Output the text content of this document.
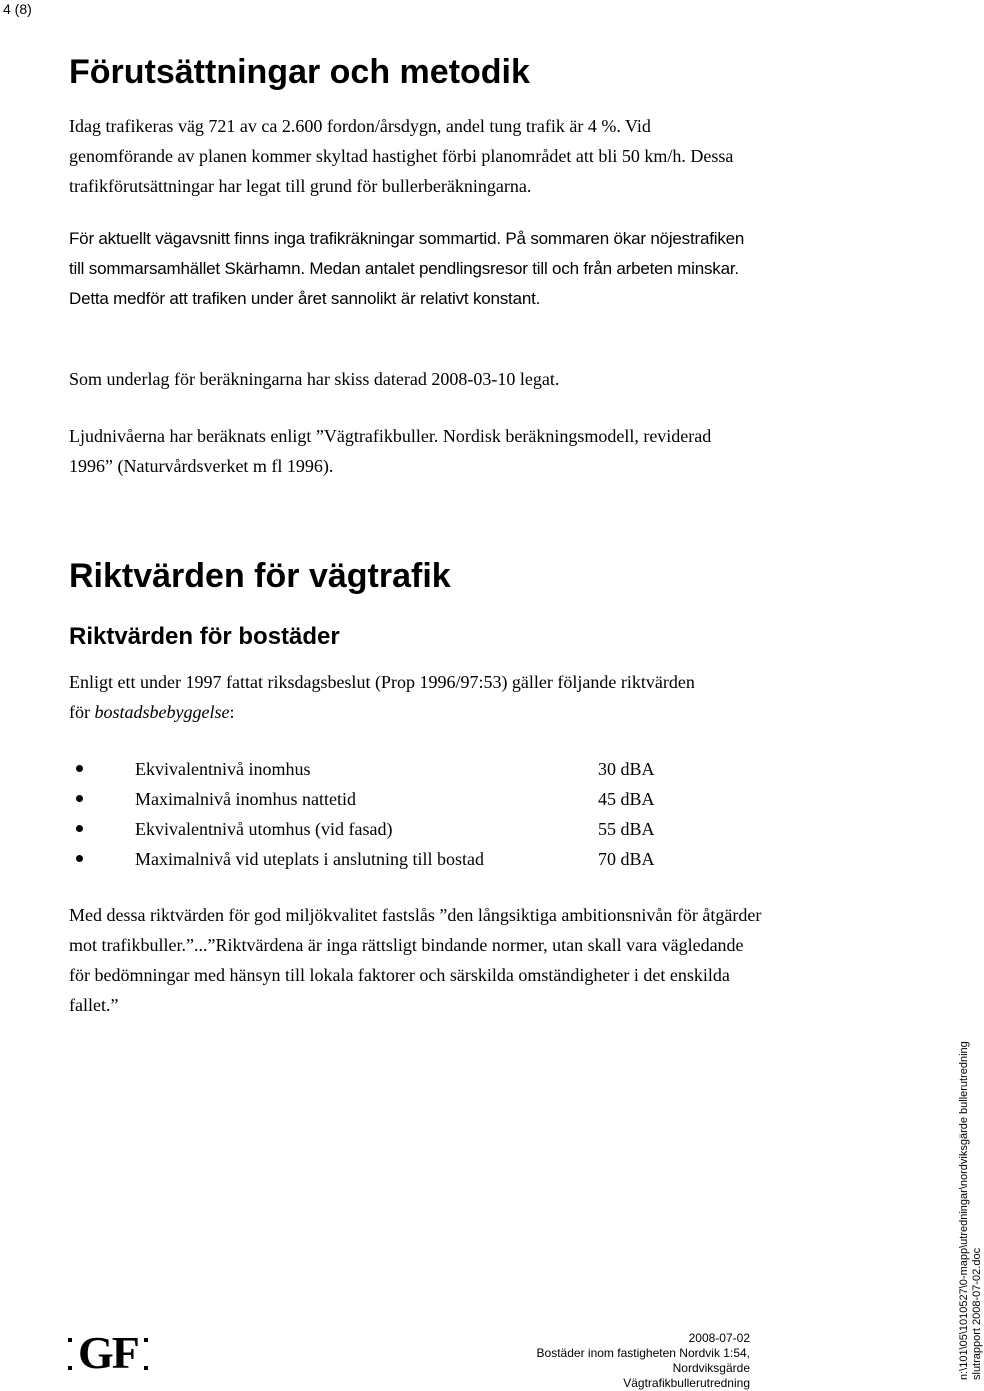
4 (8)
Förutsättningar och metodik

Idag trafikeras väg 721 av ca 2.600 fordon/årsdygn, andel tung trafik är 4 %. Vid genomförande av planen kommer skyltad hastighet förbi planområdet att bli 50 km/h. Dessa trafikförutsättningar har legat till grund för bullerberäkningarna.

För aktuellt vägavsnitt finns inga trafikräkningar sommartid. På sommaren ökar nöjestrafiken till sommarsamhället Skärhamn. Medan antalet pendlingsresor till och från arbeten minskar. Detta medför att trafiken under året sannolikt är relativt konstant.

Som underlag för beräkningarna har skiss daterad 2008-03-10 legat.

Ljudnivåerna har beräknats enligt ”Vägtrafikbuller. Nordisk beräkningsmodell, reviderad 1996” (Naturvårdsverket m fl 1996).

Riktvärden för vägtrafik
Riktvärden för bostäder

Enligt ett under 1997 fattat riksdagsbeslut (Prop 1996/97:53) gäller följande riktvärden för bostadsbebyggelse:

Ekvivalentnivå inomhus	30 dBA
Maximalnivå inomhus nattetid	45 dBA
Ekvivalentnivå utomhus (vid fasad)	55 dBA
Maximalnivå vid uteplats i anslutning till bostad	70 dBA

Med dessa riktvärden för god miljökvalitet fastslås ”den långsiktiga ambitionsnivån för åtgärder mot trafikbuller.”...”Riktvärdena är inga rättsligt bindande normer, utan skall vara vägledande för bedömningar med hänsyn till lokala faktorer och särskilda omständigheter i det enskilda fallet.”

GF	2008-07-02
Bostäder inom fastigheten Nordvik 1:54, Nordviksgärde
Vägtrafikbullerutredning
n:\101\05\1010527\0-mapp\utredningar\nordviksgärde bullerutredning slutrapport 2008-07-02.doc
